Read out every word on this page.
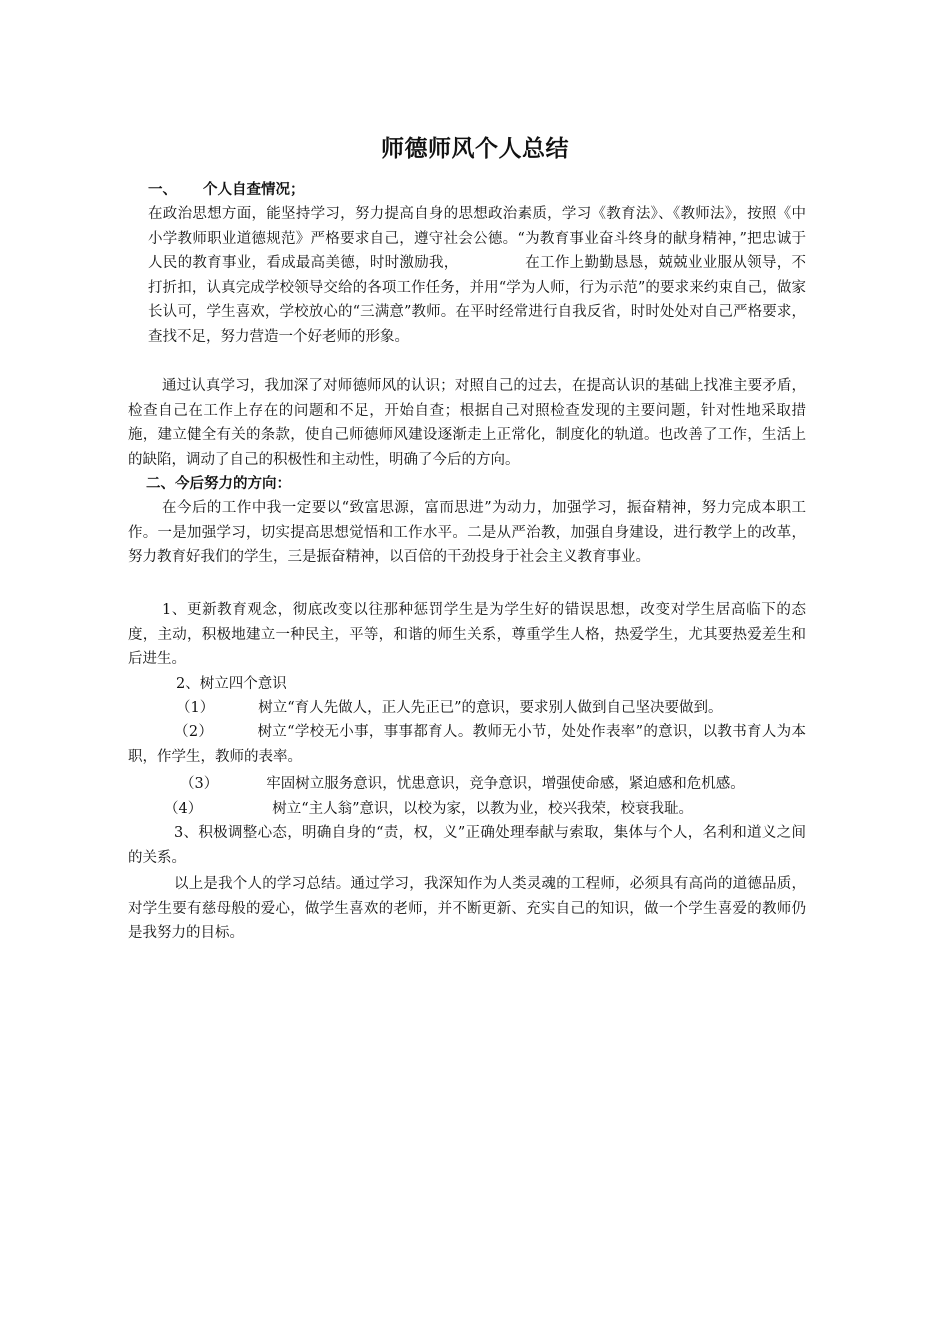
师德师风个人总结
一、 个人自查情况；
在政治思想方面，能坚持学习，努力提高自身的思想政治素质，学习《教育法》、《教师法》，按照《中小学教师职业道德规范》严格要求自己，遵守社会公德。“为教育事业奋斗终身的献身精神，”把忠诚于人民的教育事业，看成最高美德，时时激励我，　　　　　在工作上勤勤恳恳，兢兢业业服从领导，不打折扣，认真完成学校领导交给的各项工作任务，并用“学为人师，行为示范”的要求来约束自己，做家长认可，学生喜欢，学校放心的“三满意”教师。在平时经常进行自我反省，时时处处对自己严格要求，查找不足，努力营造一个好老师的形象。
通过认真学习，我加深了对师德师风的认识；对照自己的过去，在提高认识的基础上找准主要矛盾，检查自己在工作上存在的问题和不足，开始自查；根据自己对照检查发现的主要问题，针对性地采取措施，建立健全有关的条款，使自己师德师风建设逐渐走上正常化，制度化的轨道。也改善了工作，生活上的缺陷，调动了自己的积极性和主动性，明确了今后的方向。
二、今后努力的方向：
在今后的工作中我一定要以“致富思源，富而思进”为动力，加强学习，振奋精神，努力完成本职工作。一是加强学习，切实提高思想觉悟和工作水平。二是从严治教，加强自身建设，进行教学上的改革，努力教育好我们的学生，三是振奋精神，以百倍的干劲投身于社会主义教育事业。
1、更新教育观念，彻底改变以往那种惩罚学生是为学生好的错误思想，改变对学生居高临下的态度，主动，积极地建立一种民主，平等，和谐的师生关系，尊重学生人格，热爱学生，尤其要热爱差生和后进生。
2、树立四个意识
（1）	树立“育人先做人，正人先正已”的意识，要求别人做到自己坚决要做到。
（2）	树立“学校无小事，事事都育人。教师无小节，处处作表率”的意识，以教书育人为本职，作学生，教师的表率。
（3）	牢固树立服务意识，忧患意识，竞争意识，增强使命感，紧迫感和危机感。
（4）	树立“主人翁”意识，以校为家，以教为业，校兴我荣，校衰我耻。
3、积极调整心态，明确自身的“责，权，义”正确处理奉献与索取，集体与个人，名利和道义之间的关系。
以上是我个人的学习总结。通过学习，我深知作为人类灵魂的工程师，必须具有高尚的道德品质，对学生要有慈母般的爱心，做学生喜欢的老师，并不断更新、充实自己的知识，做一个学生喜爱的教师仍是我努力的目标。
